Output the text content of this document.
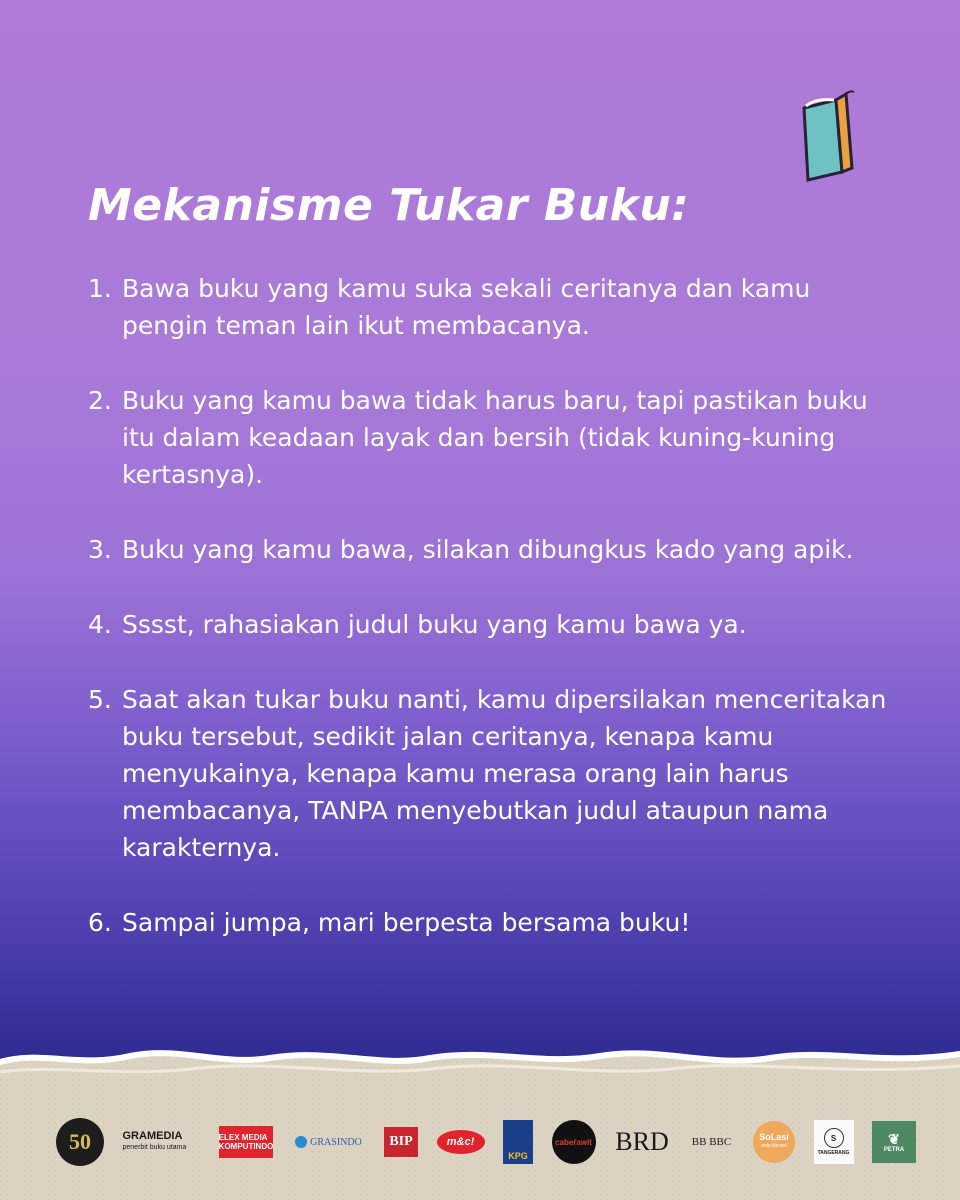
Mekanisme Tukar Buku:
1. Bawa buku yang kamu suka sekali ceritanya dan kamu pengin teman lain ikut membacanya.
2. Buku yang kamu bawa tidak harus baru, tapi pastikan buku itu dalam keadaan layak dan bersih (tidak kuning-kuning kertasnya).
3. Buku yang kamu bawa, silakan dibungkus kado yang apik.
4. Sssst, rahasiakan judul buku yang kamu bawa ya.
5. Saat akan tukar buku nanti, kamu dipersilakan menceritakan buku tersebut, sedikit jalan ceritanya, kenapa kamu menyukainya, kenapa kamu merasa orang lain harus membacanya, TANPA menyebutkan judul ataupun nama karakternya.
6. Sampai jumpa, mari berpesta bersama buku!
50	GRAMEDIA
penerbit buku utama
ELEX MEDIA KOMPUTINDO	GRASINDO BIP	m&c!
KPG
cabeŕawit BRD BB BBC	SoLasi
sofa literasi
S
TANGERANG
❦
PETRA
